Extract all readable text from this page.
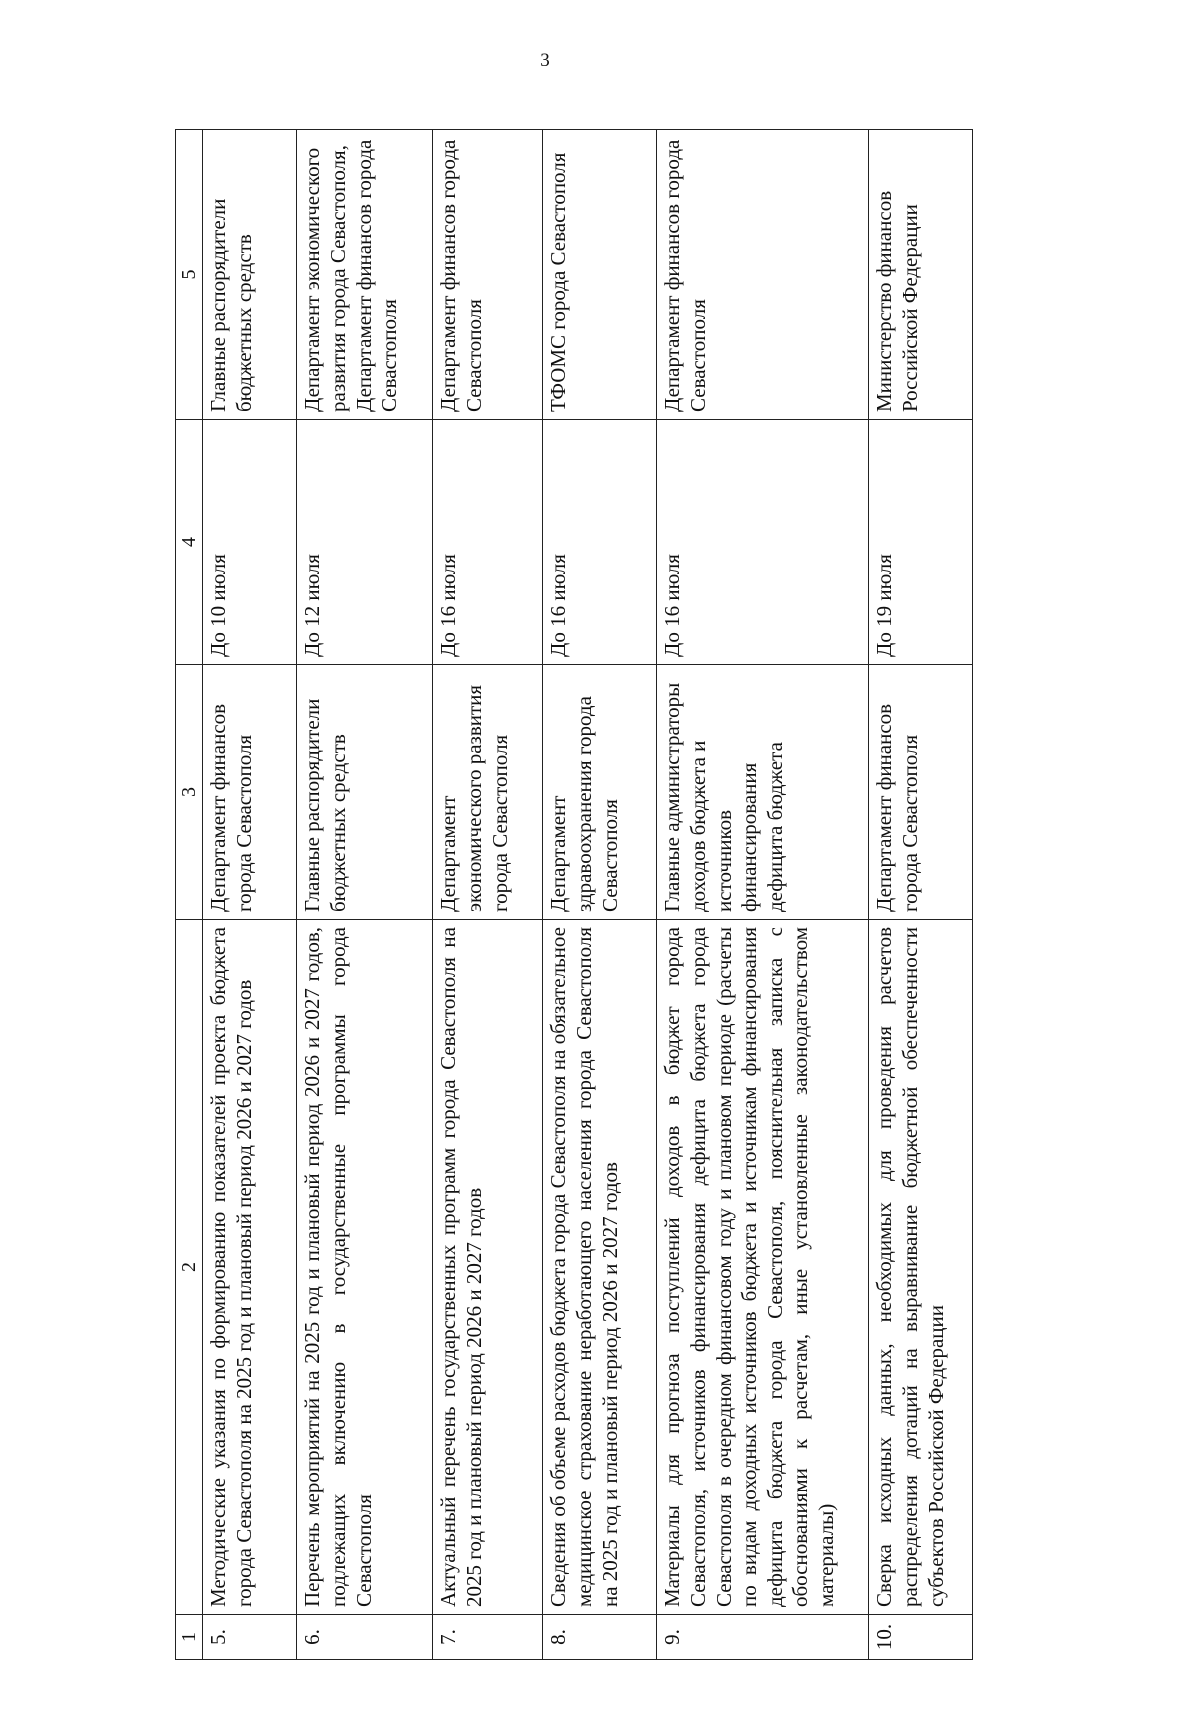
3
1	2	3	4	5
5.	Методические указания по формированию показателей проекта бюджета города Севастополя на 2025 год и плановый период 2026 и 2027 годов	Департамент финансов города Севастополя	До 10 июля	Главные распорядители бюджетных средств
6.	Перечень мероприятий на 2025 год и плановый период 2026 и 2027 годов, подлежащих включению в государственные программы города Севастополя	Главные распорядители бюджетных средств	До 12 июля	Департамент экономического развития города Севастополя, Департамент финансов города Севастополя
7.	Актуальный перечень государственных программ города Севастополя на 2025 год и плановый период 2026 и 2027 годов	Департамент экономического развития города Севастополя	До 16 июля	Департамент финансов города Севастополя
8.	Сведения об объеме расходов бюджета города Севастополя на обязательное медицинское страхование неработающего населения города Севастополя на 2025 год и плановый период 2026 и 2027 годов	Департамент здравоохранения города Севастополя	До 16 июля	ТФОМС города Севастополя
9.	Материалы для прогноза поступлений доходов в бюджет города Севастополя, источников финансирования дефицита бюджета города Севастополя в очередном финансовом году и плановом периоде (расчеты по видам доходных источников бюджета и источникам финансирования дефицита бюджета города Севастополя, пояснительная записка с обоснованиями к расчетам, иные установленные законодательством материалы)	Главные администраторы доходов бюджета и источников финансирования дефицита бюджета	До 16 июля	Департамент финансов города Севастополя
10.	Сверка исходных данных, необходимых для проведения расчетов распределения дотаций на выравнивание бюджетной обеспеченности субъектов Российской Федерации	Департамент финансов города Севастополя	До 19 июля	Министерство финансов Российской Федерации
